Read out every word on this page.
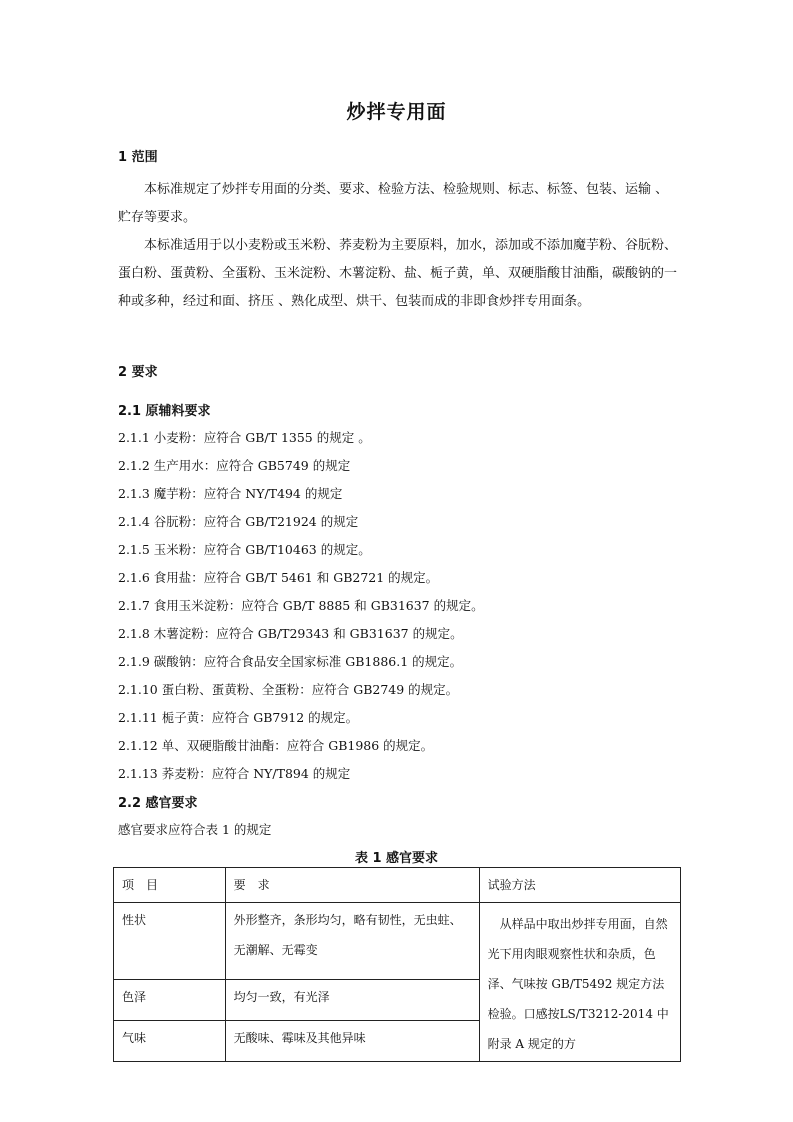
炒拌专用面
1 范围
本标准规定了炒拌专用面的分类、要求、检验方法、检验规则、标志、标签、包装、运输 、贮存等要求。
本标准适用于以小麦粉或玉米粉、荞麦粉为主要原料，加水，添加或不添加魔芋粉、谷朊粉、蛋白粉、蛋黄粉、全蛋粉、玉米淀粉、木薯淀粉、盐、栀子黄，单、双硬脂酸甘油酯，碳酸钠的一种或多种，经过和面、挤压 、熟化成型、烘干、包装而成的非即食炒拌专用面条。
2 要求
2.1 原辅料要求
2.1.1 小麦粉：应符合 GB/T 1355 的规定 。
2.1.2 生产用水：应符合 GB5749 的规定
2.1.3 魔芋粉：应符合 NY/T494 的规定
2.1.4 谷朊粉：应符合 GB/T21924 的规定
2.1.5 玉米粉：应符合 GB/T10463 的规定。
2.1.6 食用盐：应符合 GB/T 5461 和 GB2721 的规定。
2.1.7 食用玉米淀粉：应符合 GB/T 8885 和 GB31637 的规定。
2.1.8 木薯淀粉：应符合 GB/T29343 和 GB31637 的规定。
2.1.9 碳酸钠：应符合食品安全国家标准 GB1886.1 的规定。
2.1.10 蛋白粉、蛋黄粉、全蛋粉：应符合 GB2749 的规定。
2.1.11 栀子黄：应符合 GB7912 的规定。
2.1.12 单、双硬脂酸甘油酯：应符合 GB1986 的规定。
2.1.13 荞麦粉：应符合 NY/T894 的规定
2.2 感官要求
感官要求应符合表 1 的规定
表 1 感官要求
项　目	要　求	试验方法
性状	外形整齐，条形均匀，略有韧性，无虫蛀、无潮解、无霉变	从样品中取出炒拌专用面，自然光下用肉眼观察性状和杂质，色泽、气味按 GB/T5492 规定方法检验。口感按LS/T3212-2014 中附录 A 规定的方
色泽	均匀一致，有光泽	
气味	无酸味、霉味及其他异味	
